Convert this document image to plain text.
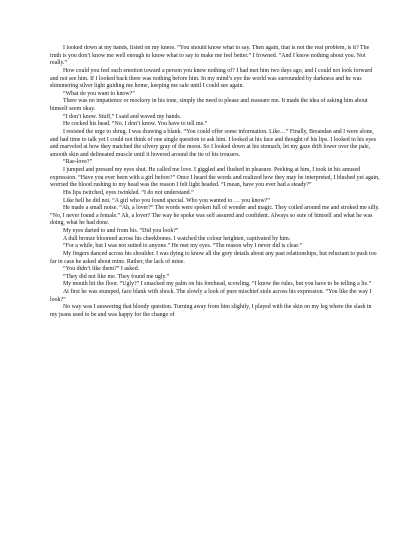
I looked down at my hands, fisted on my knees. “You should know what to say. Then again, that is not the real problem, is it? The truth is you don’t know me well enough to know what to say to make me feel better.” I frowned. “And I know nothing about you. Not really.”

How could you feel such emotion toward a person you knew nothing of? I had met him two days ago, and I could not look forward and not see him. If I looked back there was nothing before him. In my mind’s eye the world was surrounded by darkness and he was shimmering silver light guiding me home, keeping me safe until I could see again.

“What do you want to know?”

There was no impatience or mockery in his tone, simply the need to please and reassure me. It made the idea of asking him about himself seem okay.

“I don’t know. Stuff,” I said and waved my hands.

He cocked his head. “No. I don’t know. You have to tell me.”

I resisted the urge to shrug. I was drawing a blank. “You could offer some information. Like…” Finally, Breandan and I were alone, and had time to talk yet I could not think of one single question to ask him. I looked at his face and thought of his lips. I looked in his eyes and marveled at how they matched the silvery gray of the moon. So I looked down at his stomach, let my gaze drift lower over the pale, smooth skin and delineated muscle until it hovered around the tie of his trousers.

“Rae-love?”

I jumped and pressed my eyes shut. He called me love. I giggled and flushed in pleasure. Peeking at him, I took in his amused expression. “Have you ever been with a girl before?” Once I heard the words and realized how they may be interpreted, I blushed yet again, worried the blood rushing to my head was the reason I felt light headed. “I mean, have you ever had a steady?”

His lips twitched, eyes twinkled. “I do not understand.”

Like hell he did not. “A girl who you found special. Who you wanted to … you know?”

He made a small noise. “Ah, a lover?” The words were spoken full of wonder and magic. They coiled around me and stroked me silly. “No, I never found a female.” Ah, a lover? The way he spoke was self assured and confident. Always so sure of himself and what he was doing, what he had done.

My eyes darted to and from his. “Did you look?”

A dull bronze bloomed across his cheekbones. I watched the colour heighten, captivated by him.

“For a while, but I was not suited to anyone.” He met my eyes. “The reason why I never did is clear.”

My fingers danced across his shoulder. I was dying to know all the gory details about any past relationships, but reluctant to push too far in case he asked about mine. Rather, the lack of mine.

“You didn’t like them?” I asked.

“They did not like me. They found me ugly.”

My mouth hit the floor. “Ugly?” I smacked my palm on his forehead, scowling. “I know the rules, but you have to be telling a lie.”

At first he was stumped, face blank with shock. The slowly a look of pure mischief stole across his expression. “You like the way I look?”

No way was I answering that bloody question. Turning away from him slightly, I played with the skin on my leg where the slash in my jeans used to be and was happy for the change of
